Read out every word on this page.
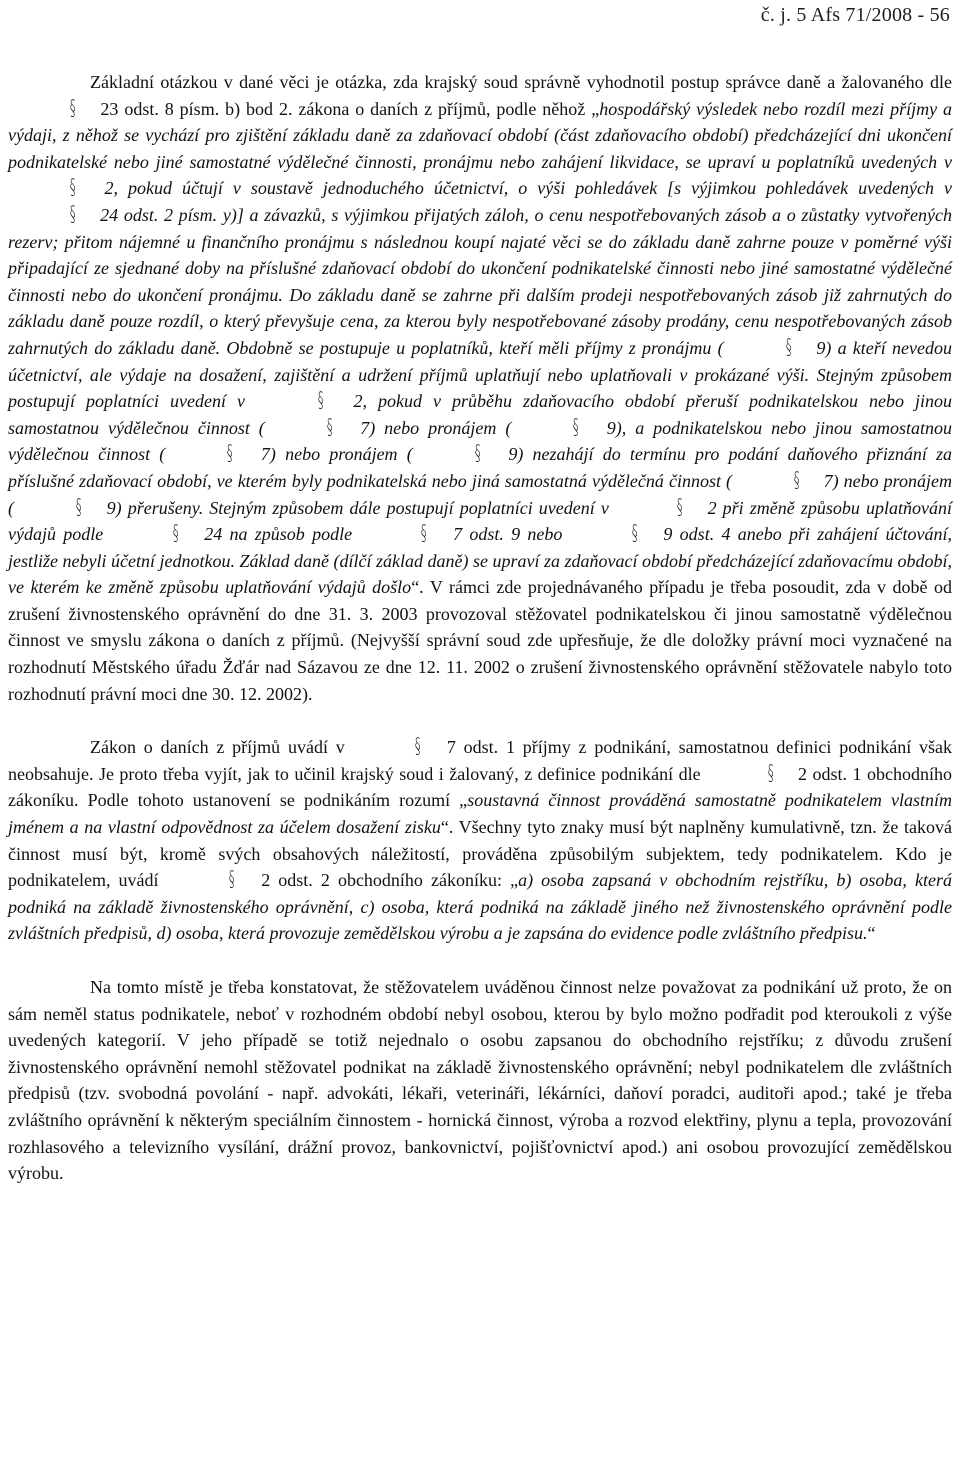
č. j. 5 Afs 71/2008 - 56

Základní otázkou v dané věci je otázka, zda krajský soud správně vyhodnotil postup správce daně a žalovaného dle § 23 odst. 8 písm. b) bod 2. zákona o daních z příjmů, podle něhož „hospodářský výsledek nebo rozdíl mezi příjmy a výdaji, z něhož se vychází pro zjištění základu daně za zdaňovací období (část zdaňovacího období) předcházející dni ukončení podnikatelské nebo jiné samostatné výdělečné činnosti, pronájmu nebo zahájení likvidace, se upraví u poplatníků uvedených v § 2, pokud účtují v soustavě jednoduchého účetnictví, o výši pohledávek [s výjimkou pohledávek uvedených v § 24 odst. 2 písm. y)] a závazků, s výjimkou přijatých záloh, o cenu nespotřebovaných zásob a o zůstatky vytvořených rezerv; přitom nájemné u finančního pronájmu s následnou koupí najaté věci se do základu daně zahrne pouze v poměrné výši připadající ze sjednané doby na příslušné zdaňovací období do ukončení podnikatelské činnosti nebo jiné samostatné výdělečné činnosti nebo do ukončení pronájmu. Do základu daně se zahrne při dalším prodeji nespotřebovaných zásob již zahrnutých do základu daně pouze rozdíl, o který převyšuje cena, za kterou byly nespotřebované zásoby prodány, cenu nespotřebovaných zásob zahrnutých do základu daně. Obdobně se postupuje u poplatníků, kteří měli příjmy z pronájmu (	§ 9) a kteří nevedou účetnictví, ale výdaje na dosažení, zajištění a udržení příjmů uplatňují nebo uplatňovali v prokázané výši. Stejným způsobem postupují poplatníci uvedení v	§ 2, pokud v průběhu zdaňovacího období přeruší podnikatelskou nebo jinou samostatnou výdělečnou činnost (	§ 7) nebo pronájem (	§ 9), a podnikatelskou nebo jinou samostatnou výdělečnou činnost (	§ 7) nebo pronájem (	§ 9) nezahájí do termínu pro podání daňového přiznání za příslušné zdaňovací období, ve kterém byly podnikatelská nebo jiná samostatná výdělečná činnost (	§ 7) nebo pronájem (	§ 9) přerušeny. Stejným způsobem dále postupují poplatníci uvedení v	§ 2 při změně způsobu uplatňování výdajů podle	§ 24 na způsob podle	§ 7 odst. 9 nebo	§ 9 odst. 4 anebo při zahájení účtování, jestliže nebyli účetní jednotkou. Základ daně (dílčí základ daně) se upraví za zdaňovací období předcházející zdaňovacímu období, ve kterém ke změně způsobu uplatňování výdajů došlo“. V rámci zde projednávaného případu je třeba posoudit, zda v době od zrušení živnostenského oprávnění do dne 31. 3. 2003 provozoval stěžovatel podnikatelskou či jinou samostatně výdělečnou činnost ve smyslu zákona o daních z příjmů. (Nejvyšší správní soud zde upřesňuje, že dle doložky právní moci vyznačené na rozhodnutí Městského úřadu Žďár nad Sázavou ze dne 12. 11. 2002 o zrušení živnostenského oprávnění stěžovatele nabylo toto rozhodnutí právní moci dne 30. 12. 2002).

Zákon o daních z příjmů uvádí v	§ 7 odst. 1 příjmy z podnikání, samostatnou definici podnikání však neobsahuje. Je proto třeba vyjít, jak to učinil krajský soud i žalovaný, z definice podnikání dle	§ 2 odst. 1 obchodního zákoníku. Podle tohoto ustanovení se podnikáním rozumí „soustavná činnost prováděná samostatně podnikatelem vlastním jménem a na vlastní odpovědnost za účelem dosažení zisku“. Všechny tyto znaky musí být naplněny kumulativně, tzn. že taková činnost musí být, kromě svých obsahových náležitostí, prováděna způsobilým subjektem, tedy podnikatelem. Kdo je podnikatelem, uvádí	§ 2 odst. 2 obchodního zákoníku: „a) osoba zapsaná v obchodním rejstříku, b) osoba, která podniká na základě živnostenského oprávnění, c) osoba, která podniká na základě jiného než živnostenského oprávnění podle zvláštních předpisů, d) osoba, která provozuje zemědělskou výrobu a je zapsána do evidence podle zvláštního předpisu.“

Na tomto místě je třeba konstatovat, že stěžovatelem uváděnou činnost nelze považovat za podnikání už proto, že on sám neměl status podnikatele, neboť v rozhodném období nebyl osobou, kterou by bylo možno podřadit pod kteroukoli z výše uvedených kategorií. V jeho případě se totiž nejednalo o osobu zapsanou do obchodního rejstříku; z důvodu zrušení živnostenského oprávnění nemohl stěžovatel podnikat na základě živnostenského oprávnění; nebyl podnikatelem dle zvláštních předpisů (tzv. svobodná povolání - např. advokáti, lékaři, veterináři, lékárníci, daňoví poradci, auditoři apod.; také je třeba zvláštního oprávnění k některým speciálním činnostem - hornická činnost, výroba a rozvod elektřiny, plynu a tepla, provozování rozhlasového a televizního vysílání, drážní provoz, bankovnictví, pojišťovnictví apod.) ani osobou provozující zemědělskou výrobu.
